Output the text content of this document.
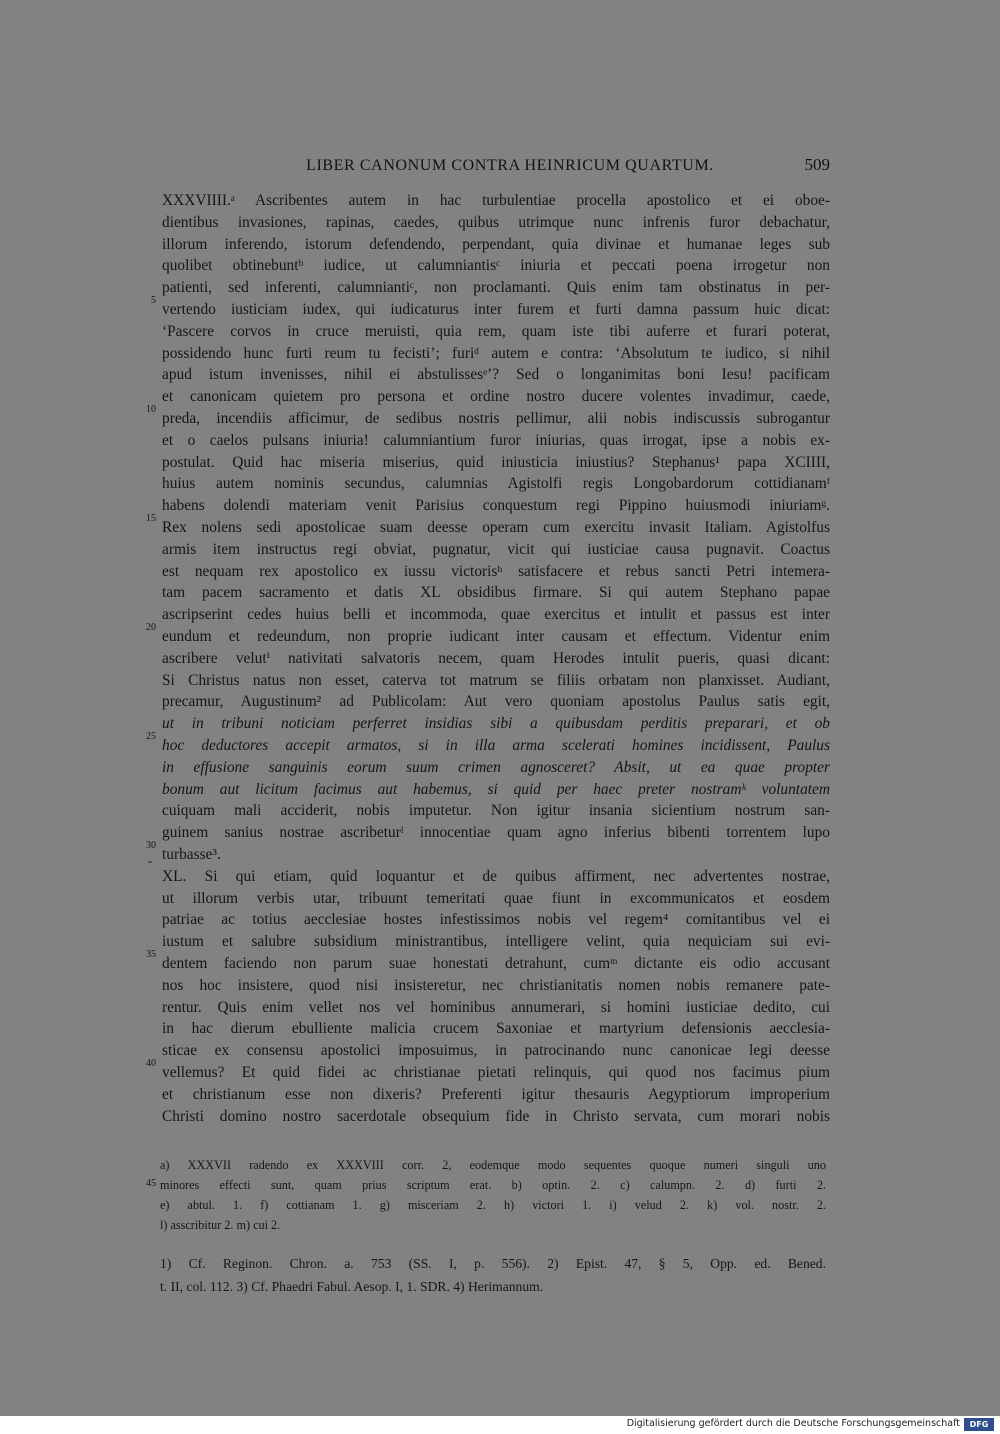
LIBER CANONUM CONTRA HEINRICUM QUARTUM.	509
XXXVIIII.ᵃ Ascribentes autem in hac turbulentiae procella apostolico et ei oboe-
dientibus invasiones, rapinas, caedes, quibus utrimque nunc infrenis furor debachatur,
illorum inferendo, istorum defendendo, perpendant, quia divinae et humanae leges sub
quolibet obtinebuntᵇ iudice, ut calumniantisᶜ iniuria et peccati poena irrogetur non
patienti, sed inferenti, calumniantiᶜ, non proclamanti. Quis enim tam obstinatus in per-
vertendo iusticiam iudex, qui iudicaturus inter furem et furti damna passum huic dicat:
‘Pascere corvos in cruce meruisti, quia rem, quam iste tibi auferre et furari poterat,
possidendo hunc furti reum tu fecisti’; furiᵈ autem e contra: ‘Absolutum te iudico, si nihil
apud istum invenisses, nihil ei abstulissesᵉ’? Sed o longanimitas boni Iesu! pacificam
et canonicam quietem pro persona et ordine nostro ducere volentes invadimur, caede,
preda, incendiis afficimur, de sedibus nostris pellimur, alii nobis indiscussis subrogantur
et o caelos pulsans iniuria! calumniantium furor iniurias, quas irrogat, ipse a nobis ex-
postulat. Quid hac miseria miserius, quid iniusticia iniustius? Stephanus¹ papa XCIIII,
huius autem nominis secundus, calumnias Agistolfi regis Longobardorum cottidianamᶠ
habens dolendi materiam venit Parisius conquestum regi Pippino huiusmodi iniuriamᵍ.
Rex nolens sedi apostolicae suam deesse operam cum exercitu invasit Italiam. Agistolfus
armis item instructus regi obviat, pugnatur, vicit qui iusticiae causa pugnavit. Coactus
est nequam rex apostolico ex iussu victorisʰ satisfacere et rebus sancti Petri intemera-
tam pacem sacramento et datis XL obsidibus firmare. Si qui autem Stephano papae
ascripserint cedes huius belli et incommoda, quae exercitus et intulit et passus est inter
eundum et redeundum, non proprie iudicant inter causam et effectum. Videntur enim
ascribere velutⁱ nativitati salvatoris necem, quam Herodes intulit pueris, quasi dicant:
Si Christus natus non esset, caterva tot matrum se filiis orbatam non planxisset. Audiant,
precamur, Augustinum² ad Publicolam: Aut vero quoniam apostolus Paulus satis egit,
ut in tribuni noticiam perferret insidias sibi a quibusdam perditis preparari, et ob
hoc deductores accepit armatos, si in illa arma scelerati homines incidissent, Paulus
in effusione sanguinis eorum suum crimen agnosceret? Absit, ut ea quae propter
bonum aut licitum facimus aut habemus, si quid per haec preter nostramᵏ voluntatem
cuiquam mali acciderit, nobis imputetur. Non igitur insania sicientium nostrum san-
guinem sanius nostrae ascribeturˡ innocentiae quam agno inferius bibenti torrentem lupo
turbasse³.
XL. Si qui etiam, quid loquantur et de quibus affirment, nec advertentes nostrae,
ut illorum verbis utar, tribuunt temeritati quae fiunt in excommunicatos et eosdem
patriae ac totius aecclesiae hostes infestissimos nobis vel regem⁴ comitantibus vel ei
iustum et salubre subsidium ministrantibus, intelligere velint, quia nequiciam sui evi-
dentem faciendo non parum suae honestati detrahunt, cumᵐ dictante eis odio accusant
nos hoc insistere, quod nisi insisteretur, nec christianitatis nomen nobis remanere pate-
rentur. Quis enim vellet nos vel hominibus annumerari, si homini iusticiae dedito, cui
in hac dierum ebulliente malicia crucem Saxoniae et martyrium defensionis aecclesia-
sticae ex consensu apostolici imposuimus, in patrocinando nunc canonicae legi deesse
vellemus? Et quid fidei ac christianae pietati relinquis, qui quod nos facimus pium
et christianum esse non dixeris? Preferenti igitur thesauris Aegyptiorum improperium
Christi domino nostro sacerdotale obsequium fide in Christo servata, cum morari nobis
5
10
15
20
25
30
35
40
45
a) XXXVII radendo ex XXXVIII corr. 2, eodemque modo sequentes quoque numeri singuli uno
minores effecti sunt, quam prius scriptum erat. b) optin. 2. c) calumpn. 2. d) furti 2.
e) abtul. 1. f) cottianam 1. g) misceriam 2. h) victori 1. i) velud 2. k) vol. nostr. 2.
l) asscribitur 2. m) cui 2.
1) Cf. Reginon. Chron. a. 753 (SS. I, p. 556). 2) Epist. 47, § 5, Opp. ed. Bened.
t. II, col. 112. 3) Cf. Phaedri Fabul. Aesop. I, 1. SDR. 4) Herimannum.
Digitalisierung gefördert durch die Deutsche Forschungsgemeinschaft	DFG
